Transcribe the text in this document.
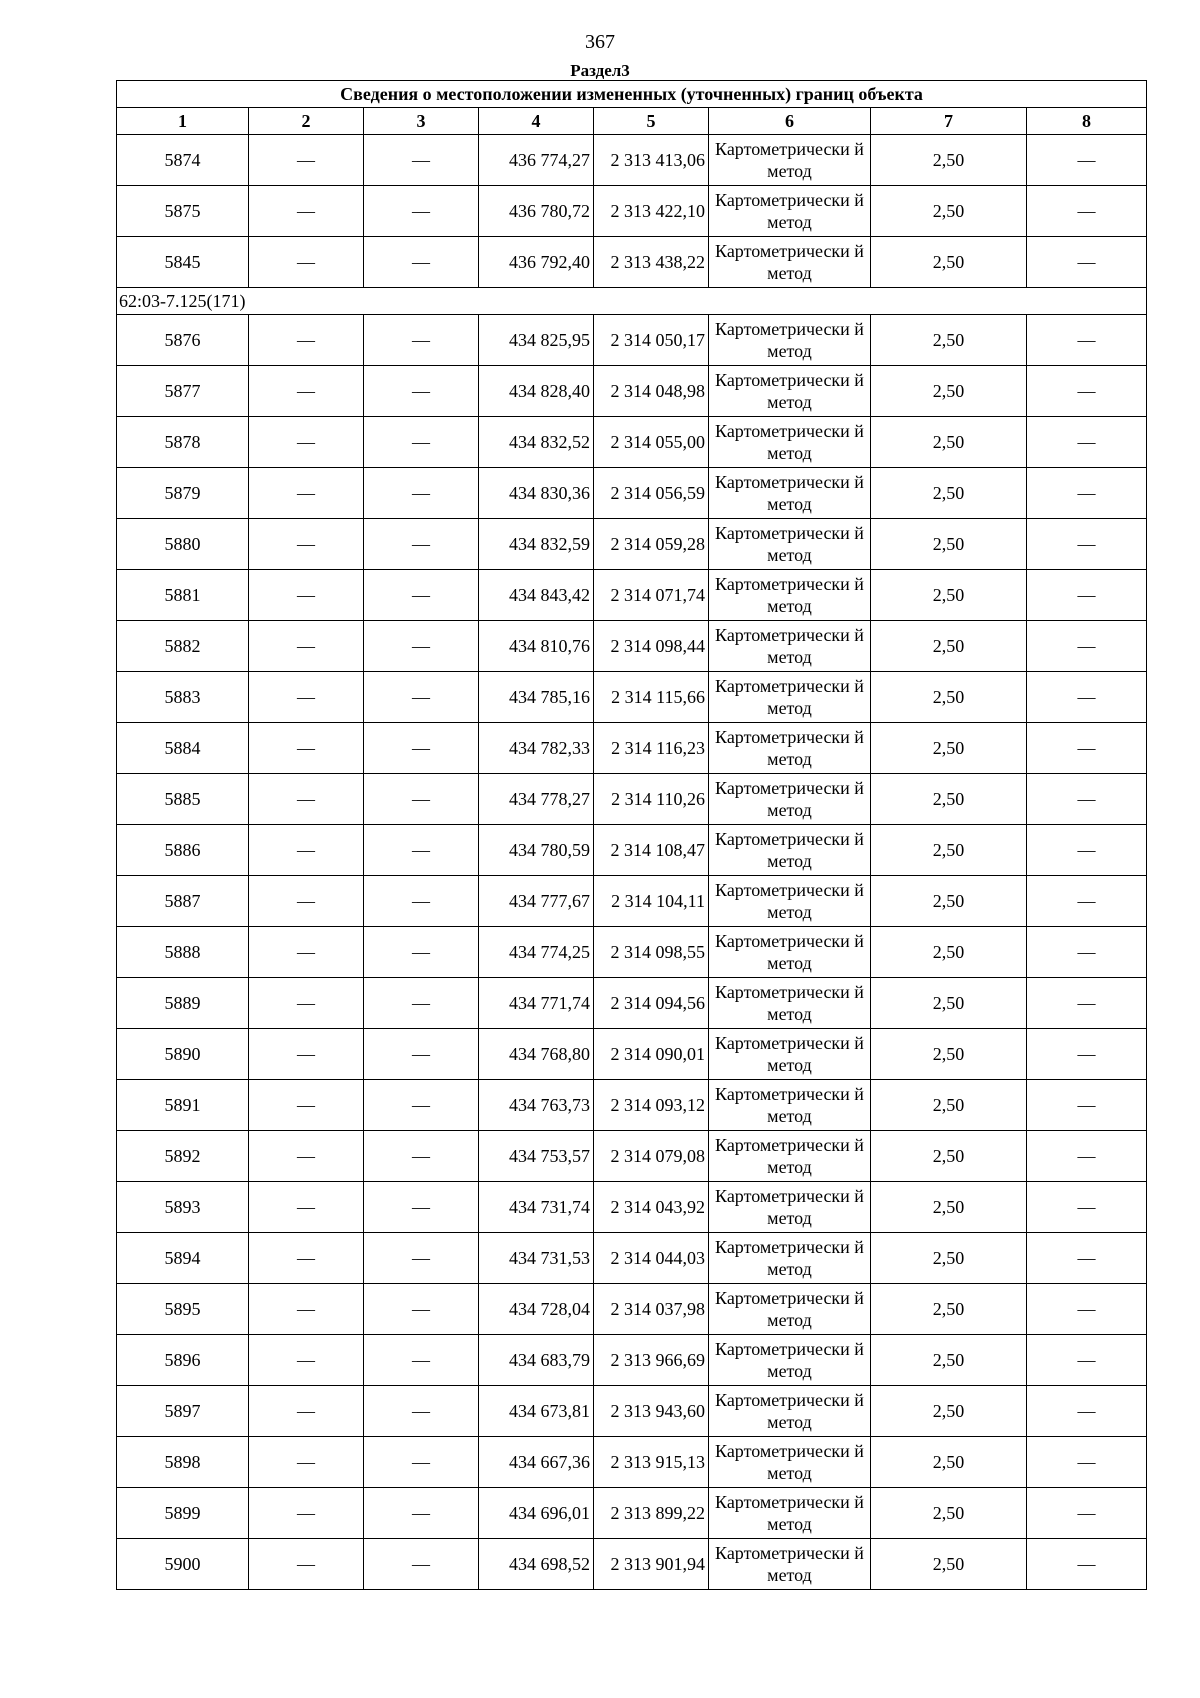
367
Раздел3
Сведения о местоположении измененных (уточненных) границ объекта							
1	2	3	4	5	6	7	8
5874	—	—	436 774,27	2 313 413,06	Картометрически й метод	2,50	—
5875	—	—	436 780,72	2 313 422,10	Картометрически й метод	2,50	—
5845	—	—	436 792,40	2 313 438,22	Картометрически й метод	2,50	—
62:03-7.125(171)							
5876	—	—	434 825,95	2 314 050,17	Картометрически й метод	2,50	—
5877	—	—	434 828,40	2 314 048,98	Картометрически й метод	2,50	—
5878	—	—	434 832,52	2 314 055,00	Картометрически й метод	2,50	—
5879	—	—	434 830,36	2 314 056,59	Картометрически й метод	2,50	—
5880	—	—	434 832,59	2 314 059,28	Картометрически й метод	2,50	—
5881	—	—	434 843,42	2 314 071,74	Картометрически й метод	2,50	—
5882	—	—	434 810,76	2 314 098,44	Картометрически й метод	2,50	—
5883	—	—	434 785,16	2 314 115,66	Картометрически й метод	2,50	—
5884	—	—	434 782,33	2 314 116,23	Картометрически й метод	2,50	—
5885	—	—	434 778,27	2 314 110,26	Картометрически й метод	2,50	—
5886	—	—	434 780,59	2 314 108,47	Картометрически й метод	2,50	—
5887	—	—	434 777,67	2 314 104,11	Картометрически й метод	2,50	—
5888	—	—	434 774,25	2 314 098,55	Картометрически й метод	2,50	—
5889	—	—	434 771,74	2 314 094,56	Картометрически й метод	2,50	—
5890	—	—	434 768,80	2 314 090,01	Картометрически й метод	2,50	—
5891	—	—	434 763,73	2 314 093,12	Картометрически й метод	2,50	—
5892	—	—	434 753,57	2 314 079,08	Картометрически й метод	2,50	—
5893	—	—	434 731,74	2 314 043,92	Картометрически й метод	2,50	—
5894	—	—	434 731,53	2 314 044,03	Картометрически й метод	2,50	—
5895	—	—	434 728,04	2 314 037,98	Картометрически й метод	2,50	—
5896	—	—	434 683,79	2 313 966,69	Картометрически й метод	2,50	—
5897	—	—	434 673,81	2 313 943,60	Картометрически й метод	2,50	—
5898	—	—	434 667,36	2 313 915,13	Картометрически й метод	2,50	—
5899	—	—	434 696,01	2 313 899,22	Картометрически й метод	2,50	—
5900	—	—	434 698,52	2 313 901,94	Картометрически й метод	2,50	—
